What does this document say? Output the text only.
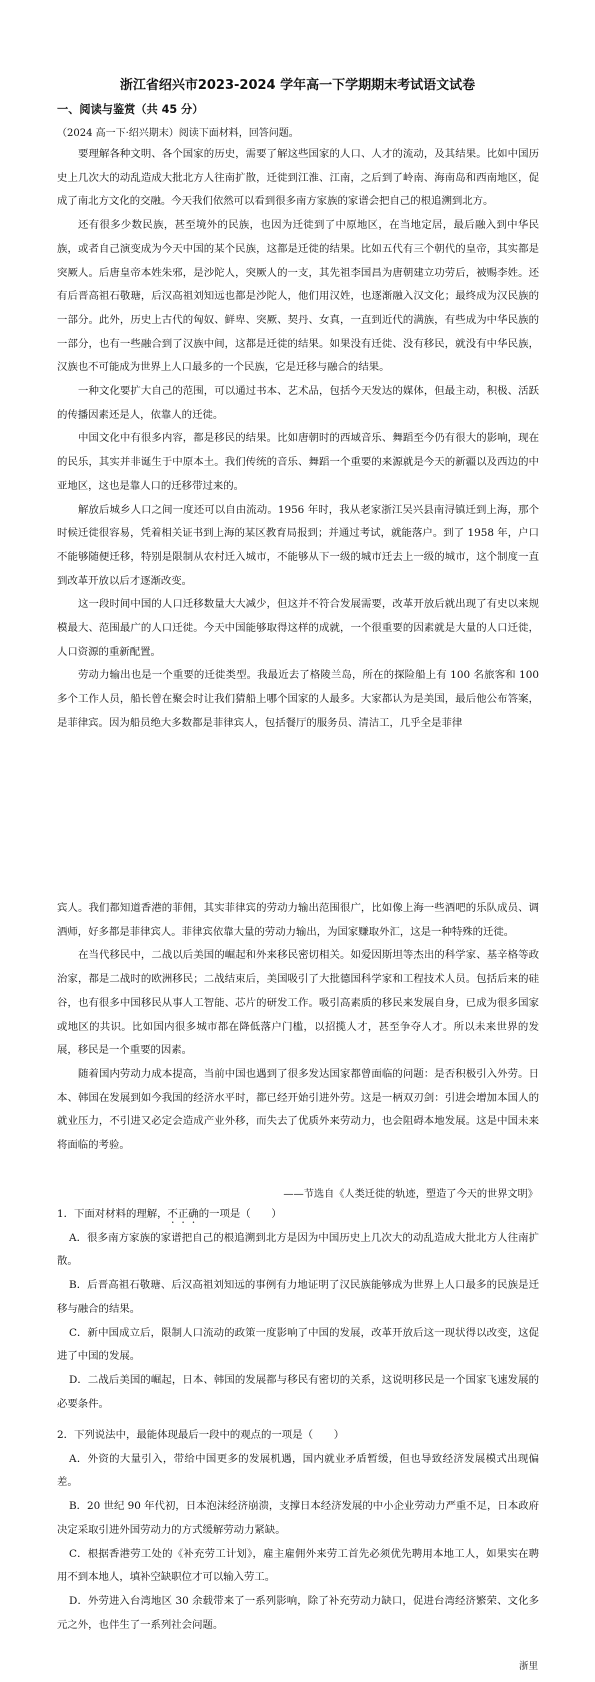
浙江省绍兴市2023-2024 学年高一下学期期末考试语文试卷
一、阅读与鉴赏（共 45 分）
（2024 高一下·绍兴期末）阅读下面材料，回答问题。

要理解各种文明、各个国家的历史，需要了解这些国家的人口、人才的流动，及其结果。比如中国历史上几次大的动乱造成大批北方人往南扩散，迁徙到江淮、江南，之后到了岭南、海南岛和西南地区，促成了南北方文化的交融。今天我们依然可以看到很多南方家族的家谱会把自己的根追溯到北方。

还有很多少数民族，甚至境外的民族，也因为迁徙到了中原地区，在当地定居，最后融入到中华民族，或者自己演变成为今天中国的某个民族，这都是迁徙的结果。比如五代有三个朝代的皇帝，其实都是突厥人。后唐皇帝本姓朱邪，是沙陀人，突厥人的一支，其先祖李国昌为唐朝建立功劳后，被赐李姓。还有后晋高祖石敬瑭，后汉高祖刘知远也都是沙陀人，他们用汉姓，也逐渐融入汉文化；最终成为汉民族的一部分。此外，历史上古代的匈奴、鲜卑、突厥、契丹、女真，一直到近代的满族，有些成为中华民族的一部分，也有一些融合到了汉族中间，这都是迁徙的结果。如果没有迁徙、没有移民，就没有中华民族，汉族也不可能成为世界上人口最多的一个民族，它是迁移与融合的结果。

一种文化要扩大自己的范围，可以通过书本、艺术品，包括今天发达的媒体，但最主动，积极、活跃的传播因素还是人，依靠人的迁徙。

中国文化中有很多内容，都是移民的结果。比如唐朝时的西域音乐、舞蹈至今仍有很大的影响，现在的民乐，其实并非诞生于中原本土。我们传统的音乐、舞蹈一个重要的来源就是今天的新疆以及西边的中亚地区，这也是靠人口的迁移带过来的。

解放后城乡人口之间一度还可以自由流动。1956 年时，我从老家浙江吴兴县南浔镇迁到上海，那个时候迁徙很容易，凭着相关证书到上海的某区教育局报到；并通过考试，就能落户。到了 1958 年，户口不能够随便迁移，特别是限制从农村迁入城市，不能够从下一级的城市迁去上一级的城市，这个制度一直到改革开放以后才逐渐改变。

这一段时间中国的人口迁移数量大大减少，但这并不符合发展需要，改革开放后就出现了有史以来规模最大、范围最广的人口迁徙。今天中国能够取得这样的成就，一个很重要的因素就是大量的人口迁徙，人口资源的重新配置。

劳动力输出也是一个重要的迁徙类型。我最近去了格陵兰岛，所在的探险船上有 100 名旅客和 100 多个工作人员，船长曾在聚会时让我们猜船上哪个国家的人最多。大家都认为是美国，最后他公布答案，是菲律宾。因为船员绝大多数都是菲律宾人，包括餐厅的服务员、清洁工，几乎全是菲律

宾人。我们都知道香港的菲佣，其实菲律宾的劳动力输出范围很广，比如像上海一些酒吧的乐队成员、调酒师，好多都是菲律宾人。菲律宾依靠大量的劳动力输出，为国家赚取外汇，这是一种特殊的迁徙。

在当代移民中，二战以后美国的崛起和外来移民密切相关。如爱因斯坦等杰出的科学家、基辛格等政治家，都是二战时的欧洲移民；二战结束后，美国吸引了大批德国科学家和工程技术人员。包括后来的硅谷，也有很多中国移民从事人工智能、芯片的研发工作。吸引高素质的移民来发展自身，已成为很多国家或地区的共识。比如国内很多城市都在降低落户门槛，以招揽人才，甚至争夺人才。所以未来世界的发展，移民是一个重要的因素。

随着国内劳动力成本提高，当前中国也遇到了很多发达国家都曾面临的问题：是否积极引入外劳。日本、韩国在发展到如今我国的经济水平时，都已经开始引进外劳。这是一柄双刃剑：引进会增加本国人的就业压力，不引进又必定会造成产业外移，而失去了优质外来劳动力，也会阻碍本地发展。这是中国未来将面临的考验。

——节选自《人类迁徙的轨迹，塑造了今天的世界文明》

1．下面对材料的理解，不正确的一项是（　　）

A．很多南方家族的家谱把自己的根追溯到北方是因为中国历史上几次大的动乱造成大批北方人往南扩散。

B．后晋高祖石敬瑭、后汉高祖刘知远的事例有力地证明了汉民族能够成为世界上人口最多的民族是迁移与融合的结果。

C．新中国成立后，限制人口流动的政策一度影响了中国的发展，改革开放后这一现状得以改变，这促进了中国的发展。

D．二战后美国的崛起，日本、韩国的发展都与移民有密切的关系，这说明移民是一个国家飞速发展的必要条件。

2．下列说法中，最能体现最后一段中的观点的一项是（　　）

A．外资的大量引入，带给中国更多的发展机遇，国内就业矛盾暂缓，但也导致经济发展模式出现偏差。

B．20 世纪 90 年代初，日本泡沫经济崩溃，支撑日本经济发展的中小企业劳动力严重不足，日本政府决定采取引进外国劳动力的方式缓解劳动力紧缺。

C．根据香港劳工处的《补充劳工计划》，雇主雇佣外来劳工首先必须优先聘用本地工人，如果实在聘用不到本地人，填补空缺职位才可以输入劳工。

D．外劳进入台湾地区 30 余载带来了一系列影响，除了补充劳动力缺口，促进台湾经济繁荣、文化多元之外，也伴生了一系列社会问题。

浙里
